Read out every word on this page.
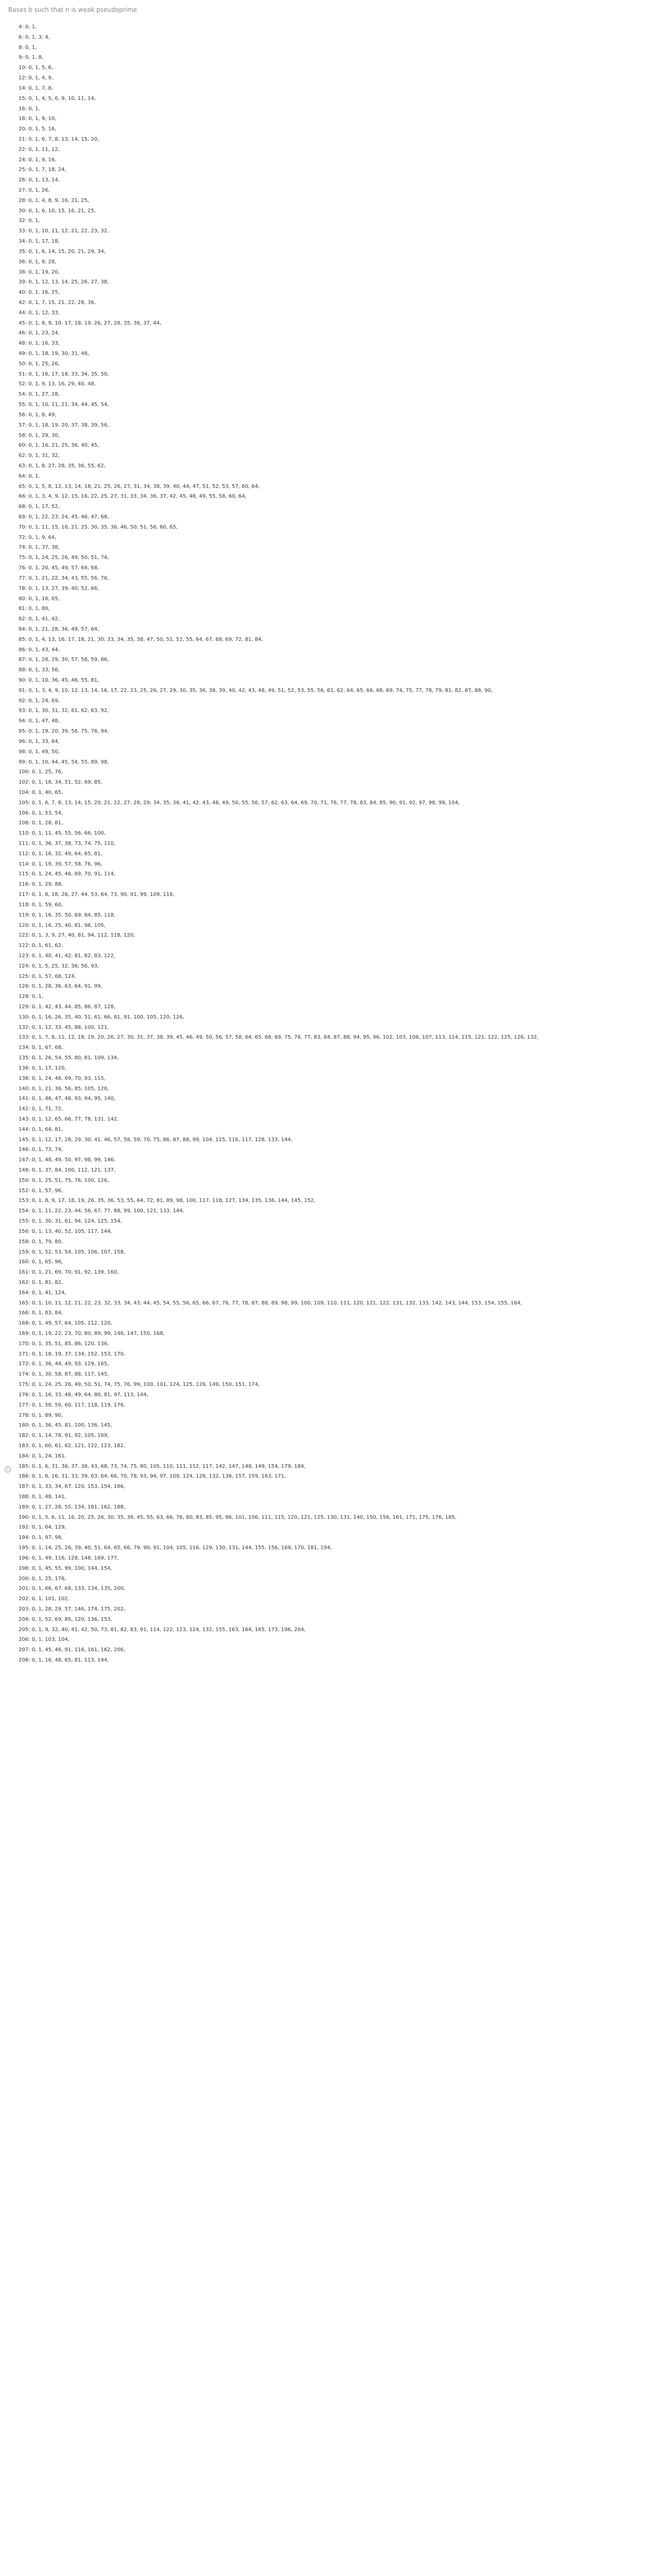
Bases b such that n is weak pseudoprime
i
4: 0, 1,
6: 0, 1, 3, 4,
8: 0, 1,
9: 0, 1, 8,
10: 0, 1, 5, 6,
12: 0, 1, 4, 9,
14: 0, 1, 7, 8,
15: 0, 1, 4, 5, 6, 9, 10, 11, 14,
16: 0, 1,
18: 0, 1, 9, 10,
20: 0, 1, 5, 16,
21: 0, 1, 6, 7, 8, 13, 14, 15, 20,
22: 0, 1, 11, 12,
24: 0, 1, 9, 16,
25: 0, 1, 7, 18, 24,
26: 0, 1, 13, 14,
27: 0, 1, 26,
28: 0, 1, 4, 8, 9, 16, 21, 25,
30: 0, 1, 6, 10, 15, 16, 21, 25,
32: 0, 1,
33: 0, 1, 10, 11, 12, 21, 22, 23, 32,
34: 0, 1, 17, 18,
35: 0, 1, 6, 14, 15, 20, 21, 29, 34,
36: 0, 1, 9, 28,
38: 0, 1, 19, 20,
39: 0, 1, 12, 13, 14, 25, 26, 27, 38,
40: 0, 1, 16, 25,
42: 0, 1, 7, 15, 21, 22, 28, 36,
44: 0, 1, 12, 33,
45: 0, 1, 8, 9, 10, 17, 18, 19, 26, 27, 28, 35, 36, 37, 44,
46: 0, 1, 23, 24,
48: 0, 1, 16, 33,
49: 0, 1, 18, 19, 30, 31, 48,
50: 0, 1, 25, 26,
51: 0, 1, 16, 17, 18, 33, 34, 35, 50,
52: 0, 1, 9, 13, 16, 29, 40, 48,
54: 0, 1, 27, 28,
55: 0, 1, 10, 11, 21, 34, 44, 45, 54,
56: 0, 1, 8, 49,
57: 0, 1, 18, 19, 20, 37, 38, 39, 56,
58: 0, 1, 29, 30,
60: 0, 1, 16, 21, 25, 36, 40, 45,
62: 0, 1, 31, 32,
63: 0, 1, 8, 27, 28, 35, 36, 55, 62,
64: 0, 1,
65: 0, 1, 5, 8, 12, 13, 14, 18, 21, 25, 26, 27, 31, 34, 38, 39, 40, 44, 47, 51, 52, 53, 57, 60, 64,
66: 0, 1, 3, 4, 9, 12, 15, 16, 22, 25, 27, 31, 33, 34, 36, 37, 42, 45, 48, 49, 55, 58, 60, 64,
68: 0, 1, 17, 52,
69: 0, 1, 22, 23, 24, 45, 46, 47, 68,
70: 0, 1, 11, 15, 16, 21, 25, 30, 35, 36, 46, 50, 51, 56, 60, 65,
72: 0, 1, 9, 64,
74: 0, 1, 37, 38,
75: 0, 1, 24, 25, 26, 49, 50, 51, 74,
76: 0, 1, 20, 45, 49, 57, 64, 68,
77: 0, 1, 21, 22, 34, 43, 55, 56, 76,
78: 0, 1, 13, 27, 39, 40, 52, 66,
80: 0, 1, 16, 65,
81: 0, 1, 80,
82: 0, 1, 41, 42,
84: 0, 1, 21, 28, 36, 49, 57, 64,
85: 0, 1, 4, 13, 16, 17, 18, 21, 30, 33, 34, 35, 38, 47, 50, 51, 52, 55, 64, 67, 68, 69, 72, 81, 84,
86: 0, 1, 43, 44,
87: 0, 1, 28, 29, 30, 57, 58, 59, 86,
88: 0, 1, 33, 56,
90: 0, 1, 10, 36, 45, 46, 55, 81,
91: 0, 1, 3, 4, 9, 10, 12, 13, 14, 16, 17, 22, 23, 25, 26, 27, 29, 30, 35, 36, 38, 39, 40, 42, 43, 48, 49, 51, 52, 53, 55, 56, 61, 62, 64, 65, 66, 68, 69, 74, 75, 77, 78, 79, 81, 82, 87, 88, 90,
92: 0, 1, 24, 69,
93: 0, 1, 30, 31, 32, 61, 62, 63, 92,
94: 0, 1, 47, 48,
95: 0, 1, 19, 20, 39, 56, 75, 76, 94,
96: 0, 1, 33, 64,
98: 0, 1, 49, 50,
99: 0, 1, 10, 44, 45, 54, 55, 89, 98,
100: 0, 1, 25, 76,
102: 0, 1, 18, 34, 51, 52, 69, 85,
104: 0, 1, 40, 65,
105: 0, 1, 6, 7, 8, 13, 14, 15, 20, 21, 22, 27, 28, 29, 34, 35, 36, 41, 42, 43, 48, 49, 50, 55, 56, 57, 62, 63, 64, 69, 70, 71, 76, 77, 78, 83, 84, 85, 90, 91, 92, 97, 98, 99, 104,
106: 0, 1, 53, 54,
108: 0, 1, 28, 81,
110: 0, 1, 11, 45, 55, 56, 66, 100,
111: 0, 1, 36, 37, 38, 73, 74, 75, 110,
112: 0, 1, 16, 32, 49, 64, 65, 81,
114: 0, 1, 19, 39, 57, 58, 76, 96,
115: 0, 1, 24, 45, 46, 69, 70, 91, 114,
116: 0, 1, 29, 88,
117: 0, 1, 8, 18, 26, 27, 44, 53, 64, 73, 90, 91, 99, 109, 116,
118: 0, 1, 59, 60,
119: 0, 1, 16, 35, 50, 69, 84, 85, 118,
120: 0, 1, 16, 25, 40, 81, 96, 105,
122: 0, 1, 3, 9, 27, 40, 81, 94, 112, 118, 120,
122: 0, 1, 61, 62,
123: 0, 1, 40, 41, 42, 81, 82, 83, 122,
124: 0, 1, 5, 25, 32, 36, 56, 93,
125: 0, 1, 57, 68, 124,
126: 0, 1, 28, 36, 63, 64, 91, 99,
128: 0, 1,
129: 0, 1, 42, 43, 44, 85, 86, 87, 128,
130: 0, 1, 16, 26, 35, 40, 51, 61, 66, 81, 91, 100, 105, 120, 126,
132: 0, 1, 12, 33, 45, 88, 100, 121,
133: 0, 1, 7, 8, 11, 12, 18, 19, 20, 26, 27, 30, 31, 37, 38, 39, 45, 46, 49, 50, 56, 57, 58, 64, 65, 68, 69, 75, 76, 77, 83, 84, 87, 88, 94, 95, 96, 102, 103, 106, 107, 113, 114, 115, 121, 122, 125, 126, 132,
134: 0, 1, 67, 68,
135: 0, 1, 26, 54, 55, 80, 81, 109, 134,
136: 0, 1, 17, 120,
138: 0, 1, 24, 46, 69, 70, 93, 115,
140: 0, 1, 21, 36, 56, 85, 105, 120,
141: 0, 1, 46, 47, 48, 93, 94, 95, 140,
142: 0, 1, 71, 72,
143: 0, 1, 12, 65, 66, 77, 78, 131, 142,
144: 0, 1, 64, 81,
145: 0, 1, 12, 17, 28, 29, 30, 41, 46, 57, 58, 59, 70, 75, 86, 87, 88, 99, 104, 115, 116, 117, 128, 133, 144,
146: 0, 1, 73, 74,
147: 0, 1, 48, 49, 50, 97, 98, 99, 146,
148: 0, 1, 37, 84, 100, 112, 121, 137,
150: 0, 1, 25, 51, 75, 76, 100, 126,
152: 0, 1, 57, 96,
153: 0, 1, 8, 9, 17, 18, 19, 26, 35, 36, 53, 55, 64, 72, 81, 89, 98, 100, 117, 118, 127, 134, 135, 136, 144, 145, 152,
154: 0, 1, 11, 22, 23, 44, 56, 67, 77, 88, 99, 100, 121, 133, 144,
155: 0, 1, 30, 31, 61, 94, 124, 125, 154,
156: 0, 1, 13, 40, 52, 105, 117, 144,
158: 0, 1, 79, 80,
159: 0, 1, 52, 53, 54, 105, 106, 107, 158,
160: 0, 1, 65, 96,
161: 0, 1, 21, 69, 70, 91, 92, 139, 160,
162: 0, 1, 81, 82,
164: 0, 1, 41, 124,
165: 0, 1, 10, 11, 12, 21, 22, 23, 32, 33, 34, 43, 44, 45, 54, 55, 56, 65, 66, 67, 76, 77, 78, 87, 88, 89, 98, 99, 100, 109, 110, 111, 120, 121, 122, 131, 132, 133, 142, 143, 144, 153, 154, 155, 164,
166: 0, 1, 83, 84,
168: 0, 1, 49, 57, 64, 105, 112, 120,
169: 0, 1, 19, 22, 23, 70, 80, 89, 99, 146, 147, 150, 168,
170: 0, 1, 35, 51, 85, 86, 120, 136,
171: 0, 1, 18, 19, 37, 134, 152, 153, 170,
172: 0, 1, 36, 44, 49, 93, 129, 165,
174: 0, 1, 30, 58, 87, 88, 117, 145,
175: 0, 1, 24, 25, 26, 49, 50, 51, 74, 75, 76, 99, 100, 101, 124, 125, 126, 149, 150, 151, 174,
176: 0, 1, 16, 33, 48, 49, 64, 80, 81, 97, 113, 144,
177: 0, 1, 58, 59, 60, 117, 118, 119, 176,
178: 0, 1, 89, 90,
180: 0, 1, 36, 45, 81, 100, 136, 145,
182: 0, 1, 14, 78, 91, 92, 105, 169,
183: 0, 1, 60, 61, 62, 121, 122, 123, 182,
184: 0, 1, 24, 161,
185: 0, 1, 6, 31, 36, 37, 38, 43, 68, 73, 74, 75, 80, 105, 110, 111, 112, 117, 142, 147, 148, 149, 154, 179, 184,
186: 0, 1, 6, 16, 31, 33, 39, 63, 64, 66, 70, 78, 93, 94, 97, 109, 124, 126, 132, 136, 157, 159, 163, 171,
187: 0, 1, 33, 34, 67, 120, 153, 154, 186,
188: 0, 1, 48, 141,
189: 0, 1, 27, 28, 55, 134, 161, 162, 188,
190: 0, 1, 5, 6, 11, 16, 20, 25, 26, 30, 35, 36, 45, 55, 63, 66, 76, 80, 83, 85, 95, 96, 101, 106, 111, 115, 120, 121, 125, 130, 131, 140, 150, 156, 161, 171, 175, 176, 185,
192: 0, 1, 64, 129,
194: 0, 1, 97, 98,
195: 0, 1, 14, 25, 26, 39, 40, 51, 64, 65, 66, 79, 90, 91, 104, 105, 116, 129, 130, 131, 144, 155, 156, 169, 170, 181, 194,
196: 0, 1, 49, 116, 128, 148, 169, 177,
198: 0, 1, 45, 55, 99, 100, 144, 154,
200: 0, 1, 25, 176,
201: 0, 1, 66, 67, 68, 133, 134, 135, 200,
202: 0, 1, 101, 102,
203: 0, 1, 28, 29, 57, 146, 174, 175, 202,
204: 0, 1, 52, 69, 85, 120, 136, 153,
205: 0, 1, 9, 32, 40, 41, 42, 50, 73, 81, 82, 83, 91, 114, 122, 123, 124, 132, 155, 163, 164, 165, 173, 196, 204,
206: 0, 1, 103, 104,
207: 0, 1, 45, 46, 91, 116, 161, 162, 206,
208: 0, 1, 16, 48, 65, 81, 113, 144,
